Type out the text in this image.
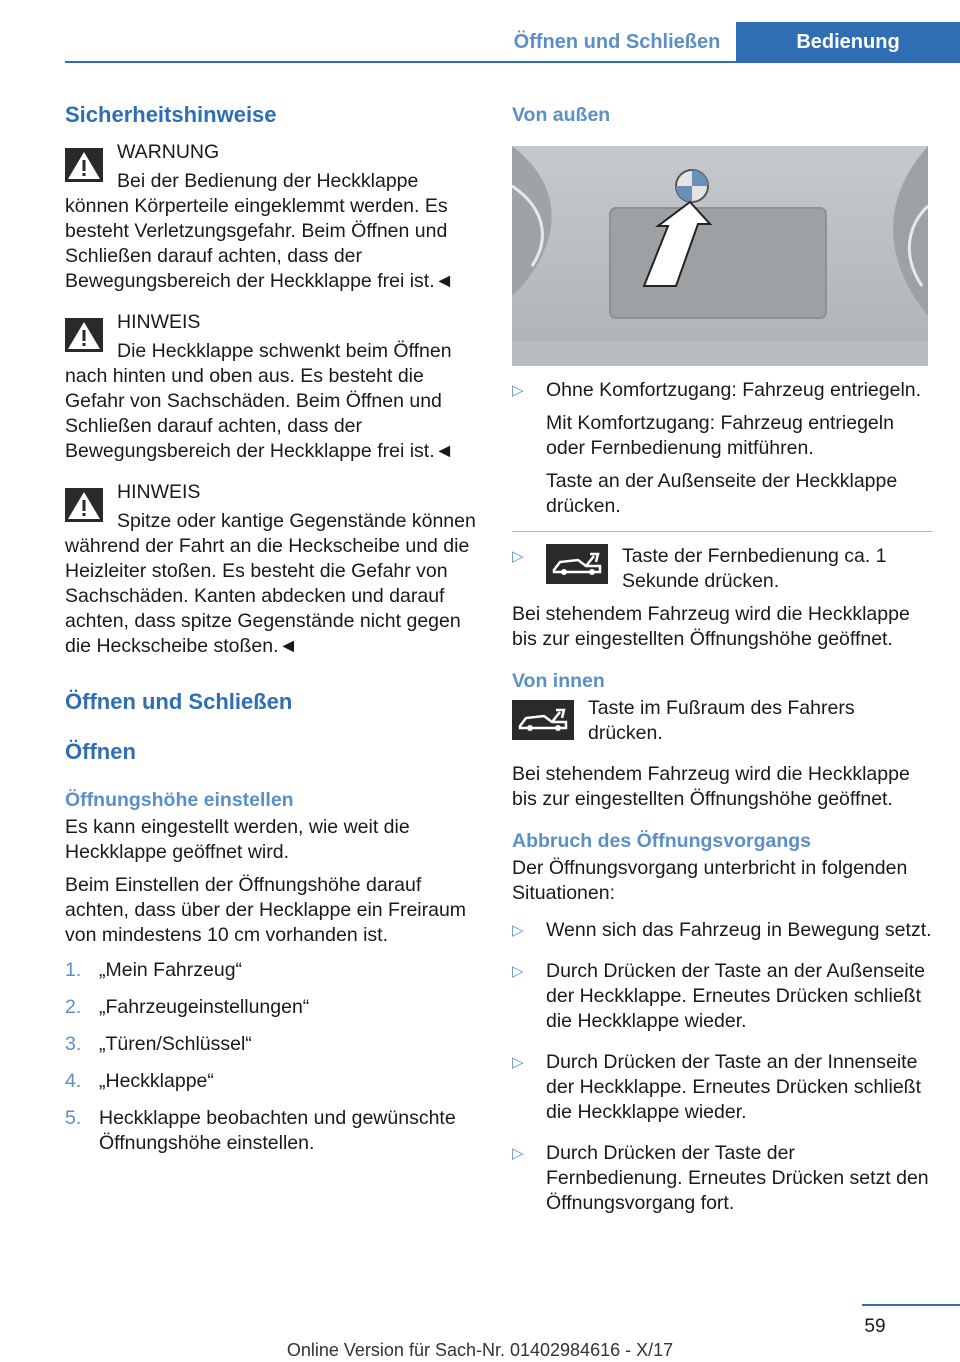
Öffnen und Schließen	Bedienung
Sicherheitshinweise
WARNUNG
Bei der Bedienung der Heckklappe können Körperteile eingeklemmt werden. Es besteht Verletzungsgefahr. Beim Öffnen und Schließen darauf achten, dass der Bewegungsbereich der Heckklappe frei ist.◄
HINWEIS
Die Heckklappe schwenkt beim Öffnen nach hinten und oben aus. Es besteht die Gefahr von Sachschäden. Beim Öffnen und Schließen darauf achten, dass der Bewegungsbereich der Heckklappe frei ist.◄
HINWEIS
Spitze oder kantige Gegenstände können während der Fahrt an die Heckscheibe und die Heizleiter stoßen. Es besteht die Gefahr von Sachschäden. Kanten abdecken und darauf achten, dass spitze Gegenstände nicht gegen die Heckscheibe stoßen.◄
Öffnen und Schließen
Öffnen
Öffnungshöhe einstellen

Es kann eingestellt werden, wie weit die Heckklappe geöffnet wird.

Beim Einstellen der Öffnungshöhe darauf achten, dass über der Hecklappe ein Freiraum von mindestens 10 cm vorhanden ist.

1. „Mein Fahrzeug“
2. „Fahrzeugeinstellungen“
3. „Türen/Schlüssel“
4. „Heckklappe“
5. Heckklappe beobachten und gewünschte Öffnungshöhe einstellen.
Von außen
▷ Ohne Komfortzugang: Fahrzeug entriegeln.

Mit Komfortzugang: Fahrzeug entriegeln oder Fernbedienung mitführen.

Taste an der Außenseite der Heckklappe drücken.

▷ Taste der Fernbedienung ca. 1 Sekunde drücken.

Bei stehendem Fahrzeug wird die Heckklappe bis zur eingestellten Öffnungshöhe geöffnet.

Von innen
Taste im Fußraum des Fahrers drücken.

Bei stehendem Fahrzeug wird die Heckklappe bis zur eingestellten Öffnungshöhe geöffnet.

Abbruch des Öffnungsvorgangs

Der Öffnungsvorgang unterbricht in folgenden Situationen:

▷ Wenn sich das Fahrzeug in Bewegung setzt.
▷ Durch Drücken der Taste an der Außenseite der Heckklappe. Erneutes Drücken schließt die Heckklappe wieder.
▷ Durch Drücken der Taste an der Innenseite der Heckklappe. Erneutes Drücken schließt die Heckklappe wieder.
▷ Durch Drücken der Taste der Fernbedienung. Erneutes Drücken setzt den Öffnungsvorgang fort.
59
Online Version für Sach-Nr. 01402984616 - X/17
